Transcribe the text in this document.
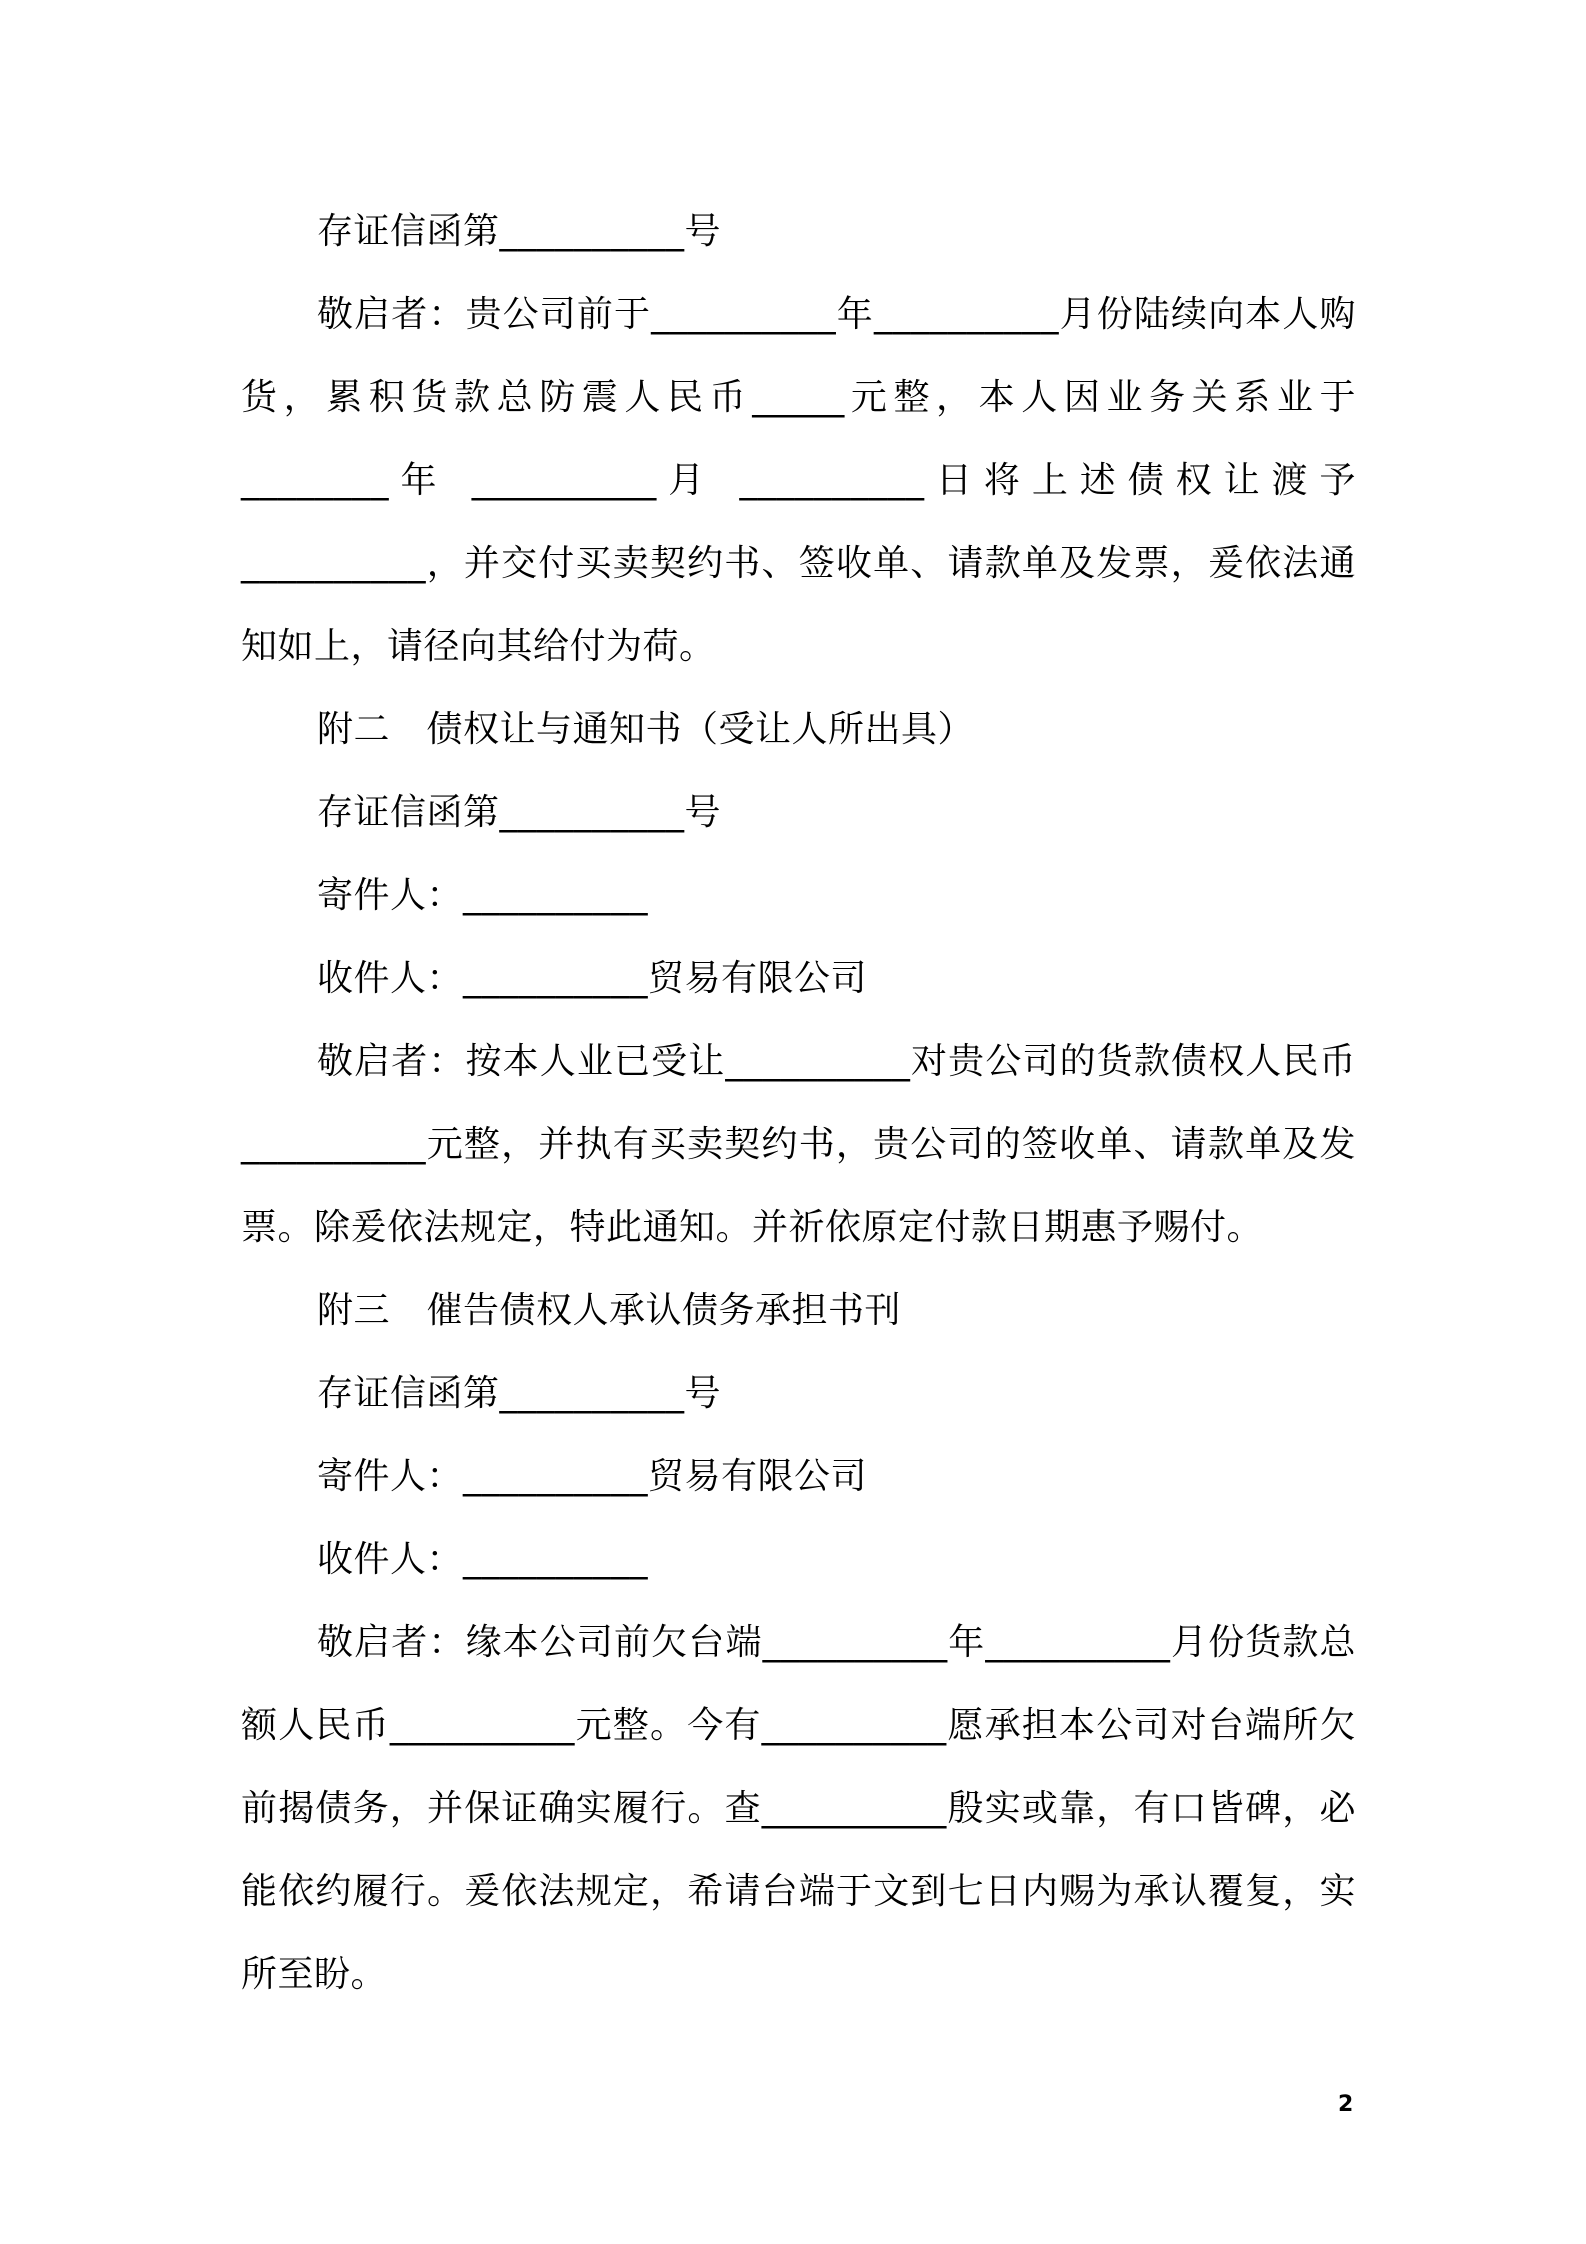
存证信函第__________号

敬启者：贵公司前于__________年__________月份陆续向本人购货，累积货款总防震人民币_____元整，本人因业务关系业于________年 __________月 __________日将上述债权让渡予__________，并交付买卖契约书、签收单、请款单及发票，爰依法通知如上，请径向其给付为荷。

附二　债权让与通知书（受让人所出具）

存证信函第__________号

寄件人：__________

收件人：__________贸易有限公司

敬启者：按本人业已受让__________对贵公司的货款债权人民币__________元整，并执有买卖契约书，贵公司的签收单、请款单及发票。除爰依法规定，特此通知。并祈依原定付款日期惠予赐付。

附三　催告债权人承认债务承担书刊

存证信函第__________号

寄件人：__________贸易有限公司

收件人：__________

敬启者：缘本公司前欠台端__________年__________月份货款总额人民币__________元整。今有__________愿承担本公司对台端所欠前揭债务，并保证确实履行。查__________殷实或靠，有口皆碑，必能依约履行。爰依法规定，希请台端于文到七日内赐为承认覆复，实所至盼。

2
